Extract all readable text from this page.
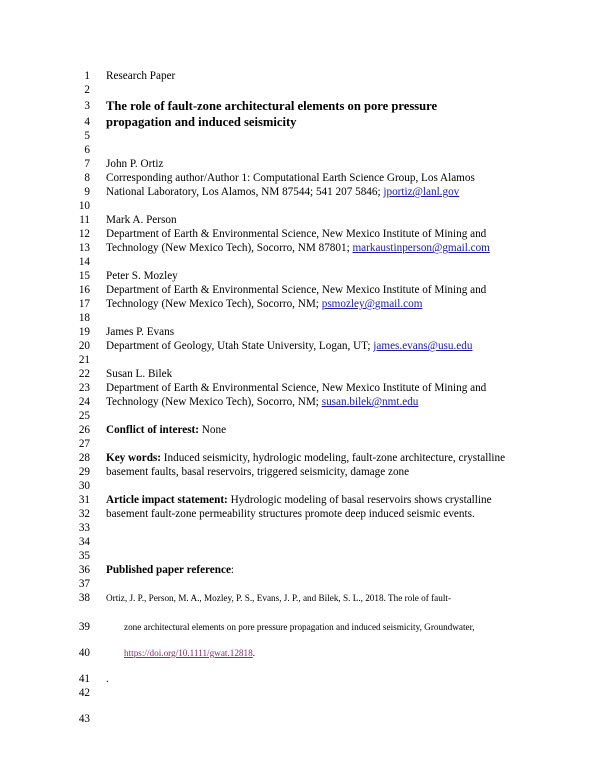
1 Research Paper
2
3 The role of fault-zone architectural elements on pore pressure
4 propagation and induced seismicity
5
6
7 John P. Ortiz
8 Corresponding author/Author 1: Computational Earth Science Group, Los Alamos
9 National Laboratory, Los Alamos, NM 87544; 541 207 5846; jportiz@lanl.gov
10
11 Mark A. Person
12 Department of Earth & Environmental Science, New Mexico Institute of Mining and
13 Technology (New Mexico Tech), Socorro, NM 87801; markaustinperson@gmail.com
14
15 Peter S. Mozley
16 Department of Earth & Environmental Science, New Mexico Institute of Mining and
17 Technology (New Mexico Tech), Socorro, NM; psmozley@gmail.com
18
19 James P. Evans
20 Department of Geology, Utah State University, Logan, UT; james.evans@usu.edu
21
22 Susan L. Bilek
23 Department of Earth & Environmental Science, New Mexico Institute of Mining and
24 Technology (New Mexico Tech), Socorro, NM; susan.bilek@nmt.edu
25
26 Conflict of interest: None
27
28 Key words: Induced seismicity, hydrologic modeling, fault-zone architecture, crystalline
29 basement faults, basal reservoirs, triggered seismicity, damage zone
30
31 Article impact statement: Hydrologic modeling of basal reservoirs shows crystalline
32 basement fault-zone permeability structures promote deep induced seismic events.
33
34
35
36 Published paper reference:
37
38 Ortiz, J. P., Person, M. A., Mozley, P. S., Evans, J. P., and Bilek, S. L., 2018. The role of fault-
39	zone architectural elements on pore pressure propagation and induced seismicity, Groundwater,
40	https://doi.org/10.1111/gwat.12818.
41 .
42
43
